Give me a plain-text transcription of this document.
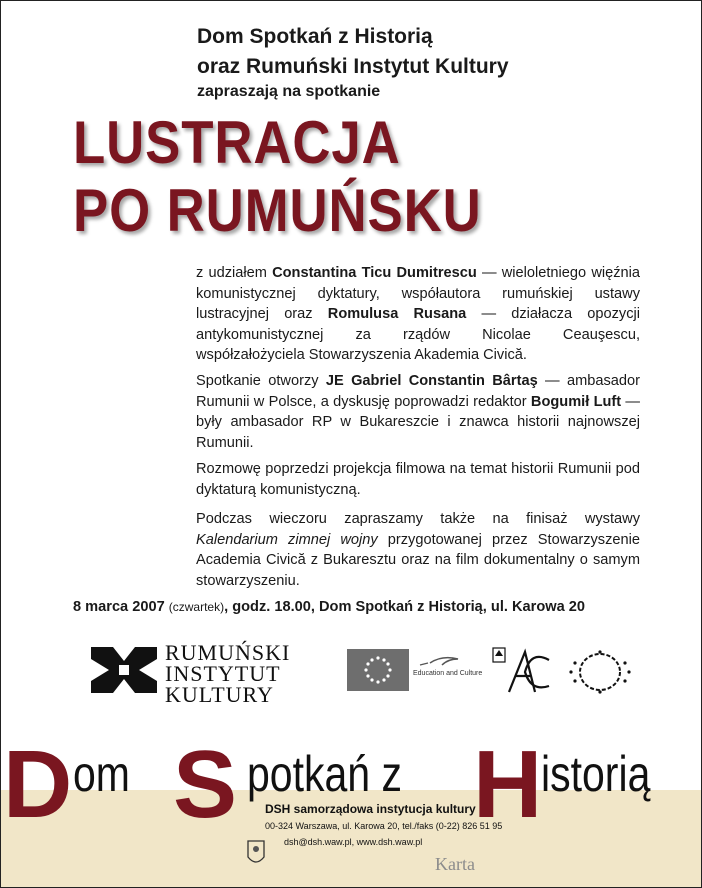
Dom Spotkań z Historią
oraz Rumuński Instytut Kultury
zapraszają na spotkanie
LUSTRACJA
PO RUMUŃSKU

z udziałem Constantina Ticu Dumitrescu — wieloletniego więźnia komunistycznej dyktatury, współautora rumuńskiej ustawy lustracyjnej oraz Romulusa Rusana — działacza opozycji antykomunistycznej za rządów Nicolae Ceauşescu, współzałożyciela Stowarzyszenia Akademia Civică.

Spotkanie otworzy JE Gabriel Constantin Bârtaş — ambasador Rumunii w Polsce, a dyskusję poprowadzi redaktor Bogumił Luft — były ambasador RP w Bukareszcie i znawca historii najnowszej Rumunii.

Rozmowę poprzedzi projekcja filmowa na temat historii Rumunii pod dyktaturą komunistyczną.

Podczas wieczoru zapraszamy także na finisaż wystawy Kalendarium zimnej wojny przygotowanej przez Stowarzyszenie Academia Civică z Bukaresztu oraz na film dokumentalny o samym stowarzyszeniu.

8 marca 2007 (czwartek), godz. 18.00, Dom Spotkań z Historią, ul. Karowa 20
RUMUŃSKI
INSTYTUT
KULTURY
Education and Culture
D om S potkań z H
istorią
DSH samorządowa instytucja kultury
00-324 Warszawa, ul. Karowa 20, tel./faks (0-22) 826 51 95
dsh@dsh.waw.pl, www.dsh.waw.pl
Karta
